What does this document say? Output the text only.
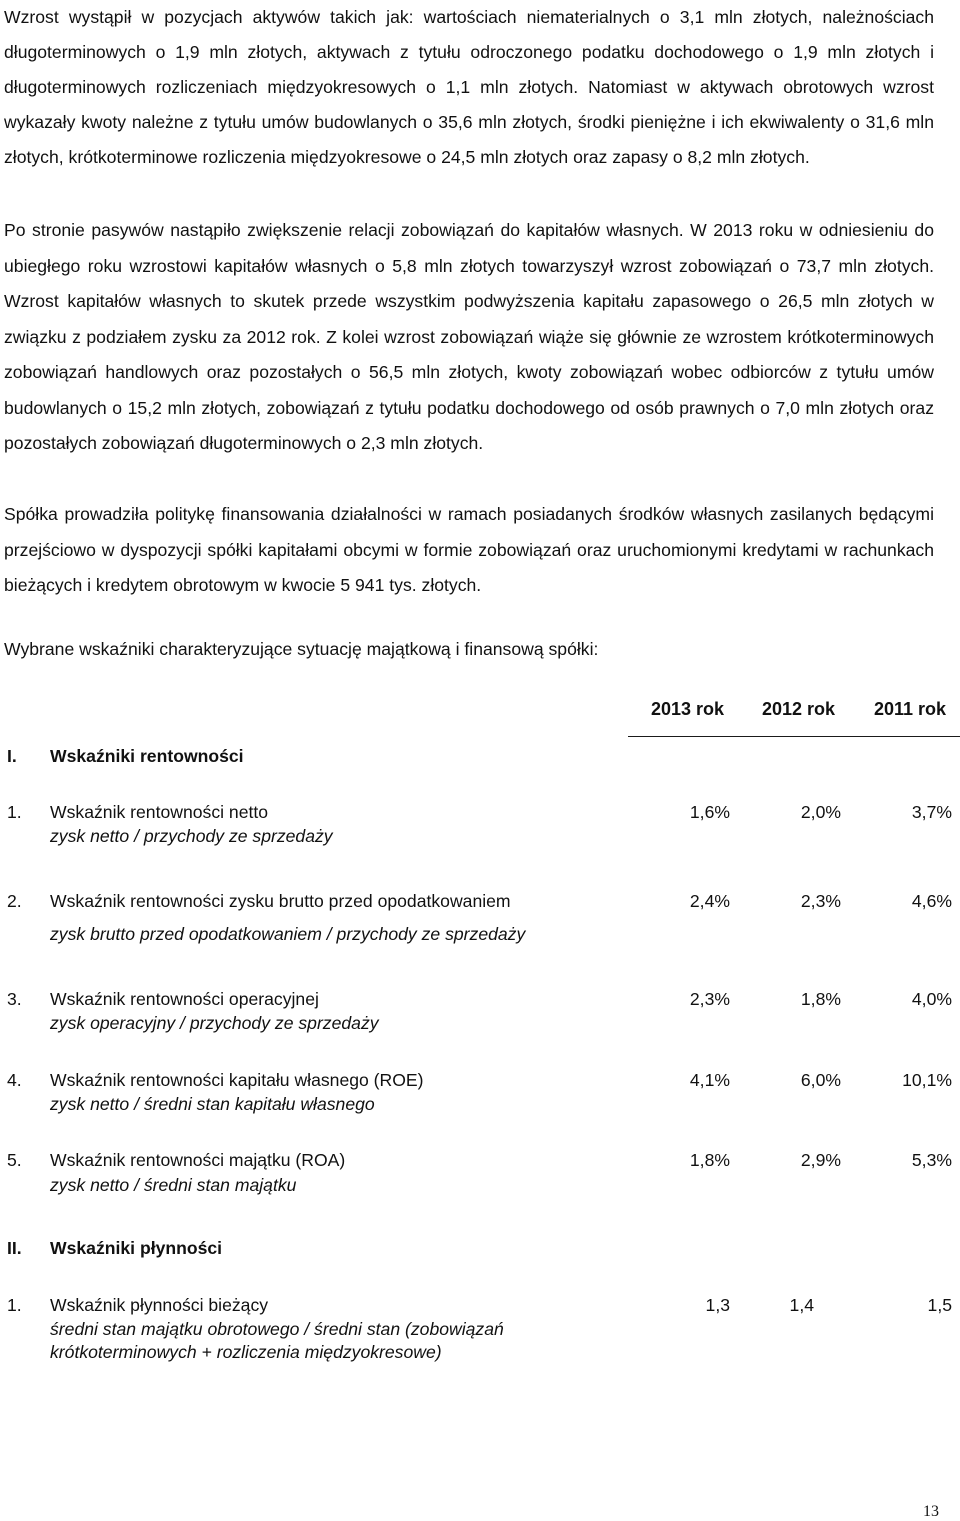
Wzrost wystąpił w pozycjach aktywów takich jak: wartościach niematerialnych o 3,1 mln złotych, należnościach długoterminowych o 1,9 mln złotych, aktywach z tytułu odroczonego podatku dochodowego o 1,9 mln złotych i długoterminowych rozliczeniach międzyokresowych o 1,1 mln złotych. Natomiast w aktywach obrotowych wzrost wykazały kwoty należne z tytułu umów budowlanych o 35,6 mln złotych, środki pieniężne i ich ekwiwalenty o 31,6 mln złotych, krótkoterminowe rozliczenia międzyokresowe o 24,5 mln złotych oraz zapasy o 8,2 mln złotych.

Po stronie pasywów nastąpiło zwiększenie relacji zobowiązań do kapitałów własnych. W 2013 roku w odniesieniu do ubiegłego roku wzrostowi kapitałów własnych o 5,8 mln złotych towarzyszył wzrost zobowiązań o 73,7 mln złotych. Wzrost kapitałów własnych to skutek przede wszystkim podwyższenia kapitału zapasowego o 26,5 mln złotych w związku z podziałem zysku za 2012 rok. Z kolei wzrost zobowiązań wiąże się głównie ze wzrostem krótkoterminowych zobowiązań handlowych oraz pozostałych o 56,5 mln złotych, kwoty zobowiązań wobec odbiorców z tytułu umów budowlanych o 15,2 mln złotych, zobowiązań z tytułu podatku dochodowego od osób prawnych o 7,0 mln złotych oraz pozostałych zobowiązań długoterminowych o 2,3 mln złotych.

Spółka prowadziła politykę finansowania działalności w ramach posiadanych środków własnych zasilanych będącymi przejściowo w dyspozycji spółki kapitałami obcymi w formie zobowiązań oraz uruchomionymi kredytami w rachunkach bieżących i kredytem obrotowym w kwocie 5 941 tys. złotych.

Wybrane wskaźniki charakteryzujące sytuację majątkową i finansową spółki:

2013 rok	2012 rok	2011 rok
I. Wskaźniki rentowności
1. Wskaźnik rentowności netto
zysk netto / przychody ze sprzedaży
1,6%	2,0%	3,7%
2. Wskaźnik rentowności zysku brutto przed opodatkowaniem
zysk brutto przed opodatkowaniem / przychody ze sprzedaży
2,4%	2,3%	4,6%
3. Wskaźnik rentowności operacyjnej
zysk operacyjny / przychody ze sprzedaży
2,3%	1,8%	4,0%
4. Wskaźnik rentowności kapitału własnego (ROE)
zysk netto / średni stan kapitału własnego
4,1%	6,0%	10,1%
5. Wskaźnik rentowności majątku (ROA)
zysk netto / średni stan majątku
1,8%	2,9%	5,3%
II. Wskaźniki płynności
1. Wskaźnik płynności bieżący
średni stan majątku obrotowego / średni stan (zobowiązań
krótkoterminowych + rozliczenia międzyokresowe)
1,3	1,4	1,5
13
